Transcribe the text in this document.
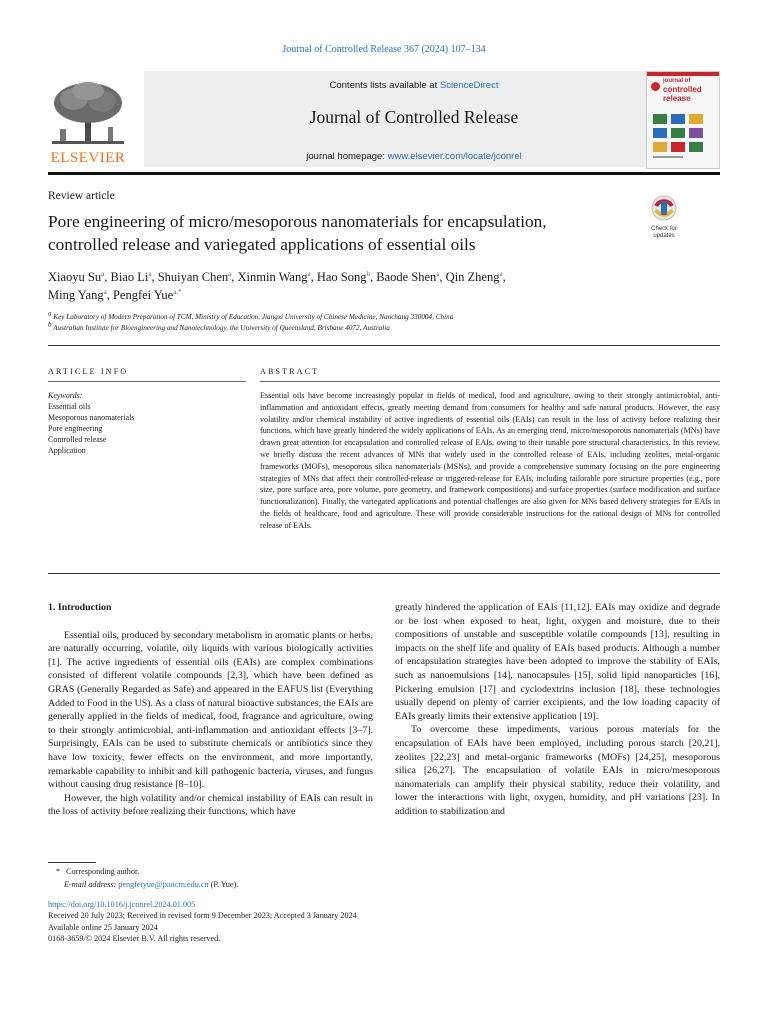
Journal of Controlled Release 367 (2024) 107–134
ELSEVIER
Contents lists available at ScienceDirect
Journal of Controlled Release
journal homepage: www.elsevier.com/locate/jconrel
journal of
controlled
release
Review article
Pore engineering of micro/mesoporous nanomaterials for encapsulation, controlled release and variegated applications of essential oils
Check for
updates
Xiaoyu Su$^a$, Biao Li$^a$, Shuiyan Chen$^a$, Xinmin Wang$^a$, Hao Song$^b$, Baode Shen$^a$, Qin Zheng$^a$,
Ming Yang$^a$, Pengfei Yue$^{a,*}$
$^a$ Key Laboratory of Modern Preparation of TCM, Ministry of Education, Jiangxi University of Chinese Medicine, Nanchang 330004, China
$^b$ Australian Institute for Bioengineering and Nanotechnology, the University of Queensland, Brisbane 4072, Australia
ARTICLE INFO	ABSTRACT
Keywords:
Essential oils
Mesoporous nanomaterials
Pore engineering
Controlled release
Application
Essential oils have become increasingly popular in fields of medical, food and agriculture, owing to their strongly antimicrobial, anti-inflammation and antioxidant effects, greatly meeting demand from consumers for healthy and safe natural products. However, the easy volatility and/or chemical instability of active ingredients of essential oils (EAIs) can result in the loss of activity before realizing their functions, which have greatly hindered the widely applications of EAIs. As an emerging trend, micro/mesoporous nanomaterials (MNs) have drawn great attention for encapsulation and controlled release of EAIs, owing to their tunable pore structural characteristics. In this review, we briefly discuss the recent advances of MNs that widely used in the controlled release of EAIs, including zeolites, metal-organic frameworks (MOFs), mesoporous silica nanomaterials (MSNs), and provide a comprehensive summary focusing on the pore engineering strategies of MNs that affect their controlled-release or triggered-release for EAIs, including tailorable pore structure properties (e.g., pore size, pore surface area, pore volume, pore geometry, and framework compositions) and surface properties (surface modification and surface functionalization). Finally, the variegated applications and potential challenges are also given for MNs based delivery strategies for EAIs in the fields of healthcare, food and agriculture. These will provide considerable instructions for the rational design of MNs for controlled release of EAIs.

1. Introduction

Essential oils, produced by secondary metabolism in aromatic plants or herbs, are naturally occurring, volatile, oily liquids with various biologically activities [1]. The active ingredients of essential oils (EAIs) are complex combinations consisted of different volatile compounds [2,3], which have been defined as GRAS (Generally Regarded as Safe) and appeared in the EAFUS list (Everything Added to Food in the US). As a class of natural bioactive substances, the EAIs are generally applied in the fields of medical, food, fragrance and agriculture, owing to their strongly antimicrobial, anti-inflammation and antioxidant effects [3–7]. Surprisingly, EAIs can be used to substitute chemicals or antibiotics since they have low toxicity, fewer effects on the environment, and more importantly, remarkable capability to inhibit and kill pathogenic bacteria, viruses, and fungus without causing drug resistance [8–10].

However, the high volatility and/or chemical instability of EAIs can result in the loss of activity before realizing their functions, which have

greatly hindered the application of EAIs [11,12]. EAIs may oxidize and degrade or be lost when exposed to heat, light, oxygen and moisture, due to their compositions of unstable and susceptible volatile compounds [13], resulting in impacts on the shelf life and quality of EAIs based products. Although a number of encapsulation strategies have been adopted to improve the stability of EAIs, such as nanoemulsions [14], nanocapsules [15], solid lipid nanoparticles [16], Pickering emulsion [17] and cyclodextrins inclusion [18], these technologies usually depend on plenty of carrier excipients, and the low loading capacity of EAIs greatly limits their extensive application [19].

To overcome these impediments, various porous materials for the encapsulation of EAIs have been employed, including porous starch [20,21], zeolites [22,23] and metal-organic frameworks (MOFs) [24,25], mesoporous silica [26,27]. The encapsulation of volatile EAIs in micro/mesoporous nanomaterials can amplify their physical stability, reduce their volatility, and lower the interactions with light, oxygen, humidity, and pH variations [23]. In addition to stabilization and

* Corresponding author.
E-mail address: pengfeiyue@jxutcm.edu.cn (P. Yue).
https://doi.org/10.1016/j.jconrel.2024.01.005
Received 20 July 2023; Received in revised form 9 December 2023; Accepted 3 January 2024
Available online 25 January 2024
0168-3659/© 2024 Elsevier B.V. All rights reserved.
